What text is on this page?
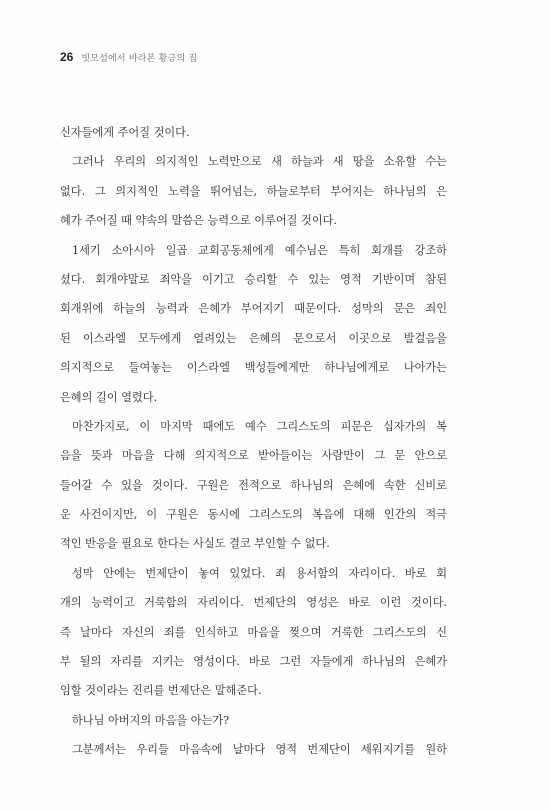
26 빗모섬에서 바라본 황금의 집

신자들에게 주어질 것이다.

그러나 우리의 의지적인 노력만으로 새 하늘과 새 땅을 소유할 수는
없다. 그 의지적인 노력을 뛰어넘는, 하늘로부터 부어지는 하나님의 은
혜가 주어질 때 약속의 말씀은 능력으로 이루어질 것이다.

1세기 소아시아 일곱 교회공동체에게 예수님은 특히 회개를 강조하
셨다. 회개야말로 죄악을 이기고 승리할 수 있는 영적 기반이며 참된
회개위에 하늘의 능력과 은혜가 부어지기 때문이다. 성막의 문은 죄인
된 이스라엘 모두에게 열려있는 은혜의 문으로서 이곳으로 발걸음을
의지적으로 들여놓는 이스라엘 백성들에게만 하나님에게로 나아가는
은혜의 길이 열렸다.

마찬가지로, 이 마지막 때에도 예수 그리스도의 피문은 십자가의 복
음을 뜻과 마음을 다해 의지적으로 받아들이는 사람만이 그 문 안으로
들어갈 수 있을 것이다. 구원은 전적으로 하나님의 은혜에 속한 신비로
운 사건이지만, 이 구원은 동시에 그리스도의 복음에 대해 인간의 적극
적인 반응을 필요로 한다는 사실도 결코 부인할 수 없다.

성막 안에는 번제단이 놓여 있었다. 죄 용서함의 자리이다. 바로 회
개의 능력이고 거룩함의 자리이다. 번제단의 영성은 바로 이런 것이다.
즉 날마다 자신의 죄를 인식하고 마음을 찢으며 거룩한 그리스도의 신
부 될의 자리를 지키는 영성이다. 바로 그런 자들에게 하나님의 은혜가
임할 것이라는 진리를 번제단은 말해준다.

하나님 아버지의 마음을 아는가?

그분께서는 우리들 마음속에 날마다 영적 번제단이 세워지기를 원하
